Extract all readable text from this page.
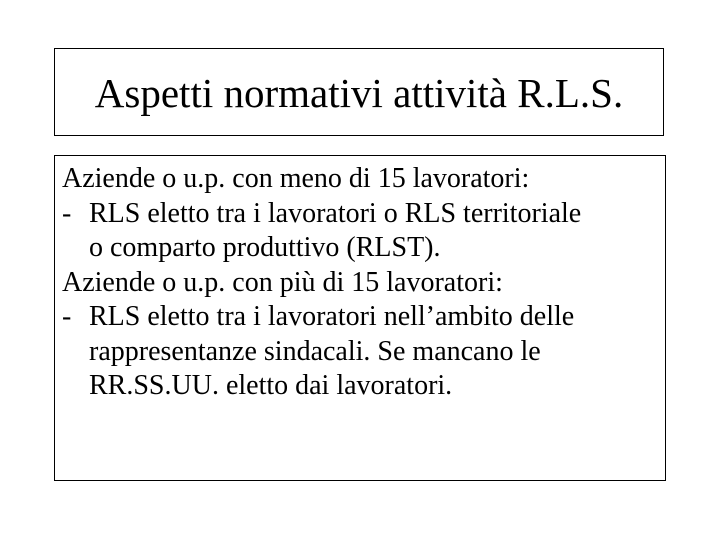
Aspetti normativi attività R.L.S.
Aziende o u.p. con meno di 15 lavoratori:
- RLS eletto tra i lavoratori o RLS territoriale
o comparto produttivo (RLST).
Aziende o u.p. con più di 15 lavoratori:
- RLS eletto tra i lavoratori nell’ambito delle
rappresentanze sindacali. Se mancano le
RR.SS.UU. eletto dai lavoratori.
